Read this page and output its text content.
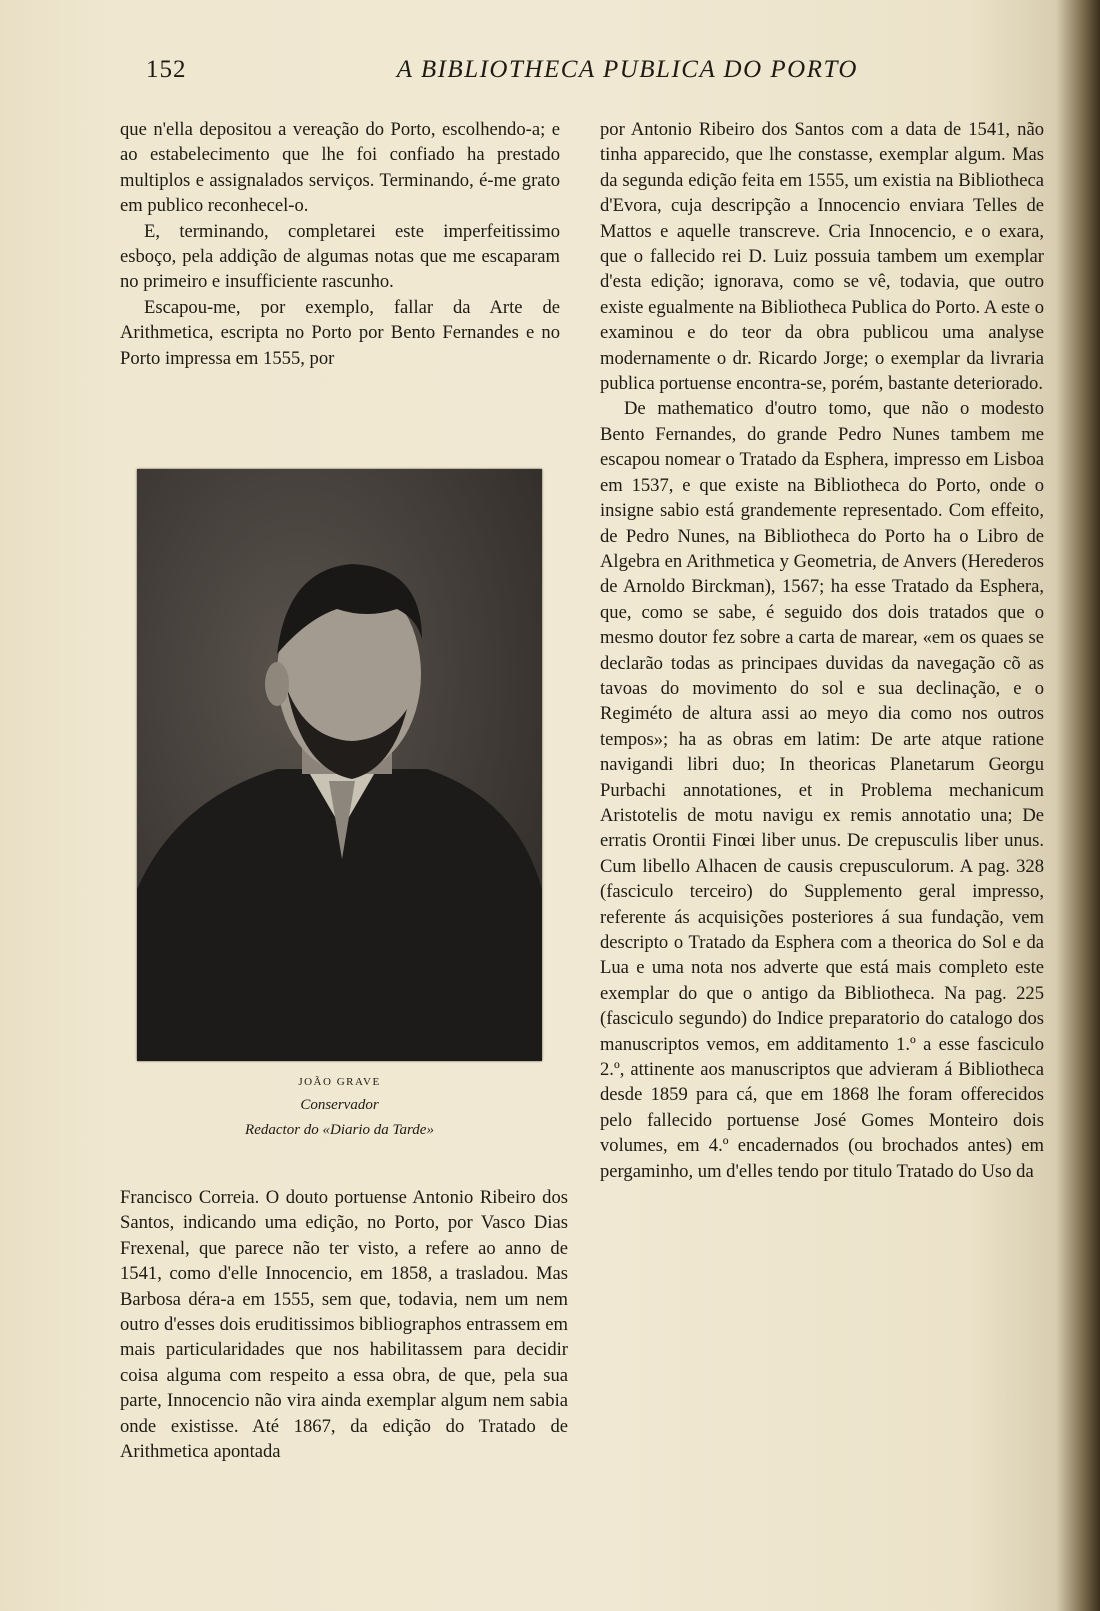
152	A BIBLIOTHECA PUBLICA DO PORTO

que n'ella depositou a vereação do Porto, escolhendo-a; e ao estabelecimento que lhe foi confiado ha prestado multiplos e assignalados serviços. Terminando, é-me grato em publico reconhecel-o.

E, terminando, completarei este imperfeitissimo esboço, pela addição de algumas notas que me escaparam no primeiro e insufficiente rascunho.

Escapou-me, por exemplo, fallar da Arte de Arithmetica, escripta no Porto por Bento Fernandes e no Porto impressa em 1555, por

JOÃO GRAVE
Conservador
Redactor do «Diario da Tarde»

Francisco Correia. O douto portuense Antonio Ribeiro dos Santos, indicando uma edição, no Porto, por Vasco Dias Frexenal, que parece não ter visto, a refere ao anno de 1541, como d'elle Innocencio, em 1858, a trasladou. Mas Barbosa déra-a em 1555, sem que, todavia, nem um nem outro d'esses dois eruditissimos bibliographos entrassem em mais particularidades que nos habilitassem para decidir coisa alguma com respeito a essa obra, de que, pela sua parte, Innocencio não vira ainda exemplar algum nem sabia onde existisse. Até 1867, da edição do Tratado de Arithmetica apontada

por Antonio Ribeiro dos Santos com a data de 1541, não tinha apparecido, que lhe constasse, exemplar algum. Mas da segunda edição feita em 1555, um existia na Bibliotheca d'Evora, cuja descripção a Innocencio enviara Telles de Mattos e aquelle transcreve. Cria Innocencio, e o exara, que o fallecido rei D. Luiz possuia tambem um exemplar d'esta edição; ignorava, como se vê, todavia, que outro existe egualmente na Bibliotheca Publica do Porto. A este o examinou e do teor da obra publicou uma analyse modernamente o dr. Ricardo Jorge; o exemplar da livraria publica portuense encontra-se, porém, bastante deteriorado.

De mathematico d'outro tomo, que não o modesto Bento Fernandes, do grande Pedro Nunes tambem me escapou nomear o Tratado da Esphera, impresso em Lisboa em 1537, e que existe na Bibliotheca do Porto, onde o insigne sabio está grandemente representado. Com effeito, de Pedro Nunes, na Bibliotheca do Porto ha o Libro de Algebra en Arithmetica y Geometria, de Anvers (Herederos de Arnoldo Birckman), 1567; ha esse Tratado da Esphera, que, como se sabe, é seguido dos dois tratados que o mesmo doutor fez sobre a carta de marear, «em os quaes se declarão todas as principaes duvidas da navegação cõ as tavoas do movimento do sol e sua declinação, e o Regiméto de altura assi ao meyo dia como nos outros tempos»; ha as obras em latim: De arte atque ratione navigandi libri duo; In theoricas Planetarum Georgu Purbachi annotationes, et in Problema mechanicum Aristotelis de motu navigu ex remis annotatio una; De erratis Orontii Finœi liber unus. De crepusculis liber unus. Cum libello Alhacen de causis crepusculorum. A pag. 328 (fasciculo terceiro) do Supplemento geral impresso, referente ás acquisições posteriores á sua fundação, vem descripto o Tratado da Esphera com a theorica do Sol e da Lua e uma nota nos adverte que está mais completo este exemplar do que o antigo da Bibliotheca. Na pag. 225 (fasciculo segundo) do Indice preparatorio do catalogo dos manuscriptos vemos, em additamento 1.º a esse fasciculo 2.º, attinente aos manuscriptos que advieram á Bibliotheca desde 1859 para cá, que em 1868 lhe foram offerecidos pelo fallecido portuense José Gomes Monteiro dois volumes, em 4.º encadernados (ou brochados antes) em pergaminho, um d'elles tendo por titulo Tratado do Uso da
